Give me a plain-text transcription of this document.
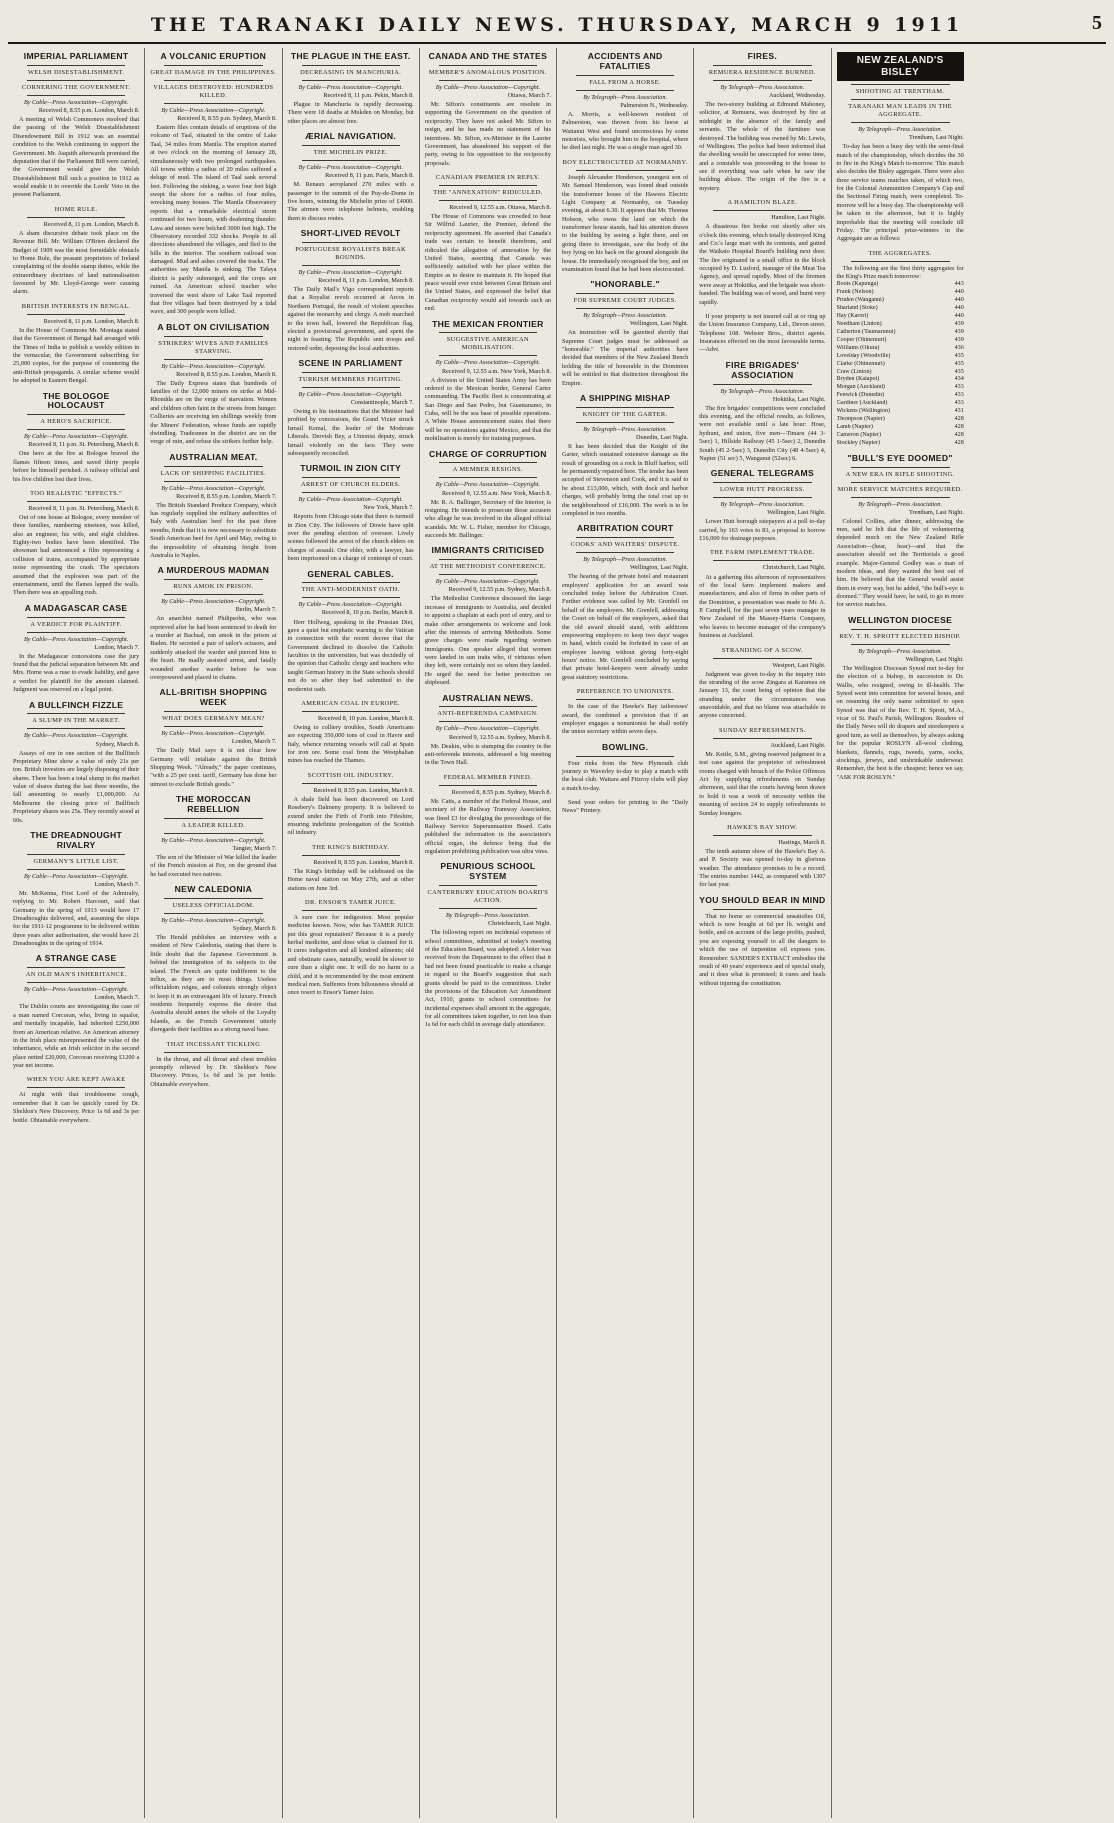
THE TARANAKI DAILY NEWS. THURSDAY, MARCH 9 1911	5
IMPERIAL PARLIAMENT
WELSH DISESTABLISHMENT.
CORNERING THE GOVERNMENT.
By Cable—Press Association—Copyright.
Received 8, 8.55 p.m. London, March 8.
A meeting of Welsh Commoners resolved that the passing of the Welsh Disestablishment Disendowment Bill in 1912 was an essential condition to the Welsh continuing to support the Government. Mr. Asquith afterwards promised the deputation that if the Parliament Bill were carried, the Government would give the Welsh Disestablishment Bill such a position in 1912 as would enable it to override the Lords' Veto in the present Parliament.
HOME RULE.
Received 8, 11 p.m. London, March 8.
A sham discursive debate took place on the Revenue Bill. Mr. William O'Brien declared the Budget of 1909 was the most formidable obstacle to Home Rule, the peasant proprietors of Ireland complaining of the double stamp duties, while the extraordinary doctrines of land nationalisation favoured by Mr. Lloyd-George were causing alarm.
BRITISH INTERESTS IN BENGAL.
Received 8, 11 p.m. London, March 8.
In the House of Commons Mr. Montagu stated that the Government of Bengal had arranged with the Times of India to publish a weekly edition in the vernacular, the Government subscribing for 25,000 copies, for the purpose of countering the anti-British propaganda. A similar scheme would be adopted in Eastern Bengal.
THE BOLOGOE HOLOCAUST
A HERO'S SACRIFICE.
By Cable—Press Association—Copyright.
Received 8, 11 p.m. St. Petersburg, March 8.
One hero at the fire at Bologoe braved the flames fifteen times, and saved thirty people before he himself perished. A railway official and his five children lost their lives.
TOO REALISTIC "EFFECTS."
Received 8, 11 p.m. St. Petersburg, March 8.
Out of one house at Bologoe, every member of three families, numbering nineteen, was killed, also an engineer, his wife, and eight children. Eighty-two bodies have been identified. The showman had announced a film representing a collision of trains, accompanied by appropriate noise representing the crash. The spectators assumed that the explosion was part of the entertainment, until the flames lapped the walls. Then there was an appalling rush.
A MADAGASCAR CASE
A VERDICT FOR PLAINTIFF.
By Cable—Press Association—Copyright.
London, March 7.
In the Madagascar concessions case the jury found that the judicial separation between Mr. and Mrs. Horne was a ruse to evade liability, and gave a verdict for plaintiff for the amount claimed. Judgment was reserved on a legal point.
A BULLFINCH FIZZLE
A SLUMP IN THE MARKET.
By Cable—Press Association—Copyright.
Sydney, March 8.
Assays of ore in one section of the Bullfinch Proprietary Mine show a value of only 21s per ton. British investors are largely disposing of their shares. There has been a total slump in the market value of shares during the last three months, the fall amounting to nearly £1,000,000. At Melbourne the closing price of Bullfinch Proprietary shares was 25s. They recently stood at 60s.
THE DREADNOUGHT RIVALRY
GERMANY'S LITTLE LIST.
By Cable—Press Association—Copyright.
London, March 7.
Mr. McKenna, First Lord of the Admiralty, replying to Mr. Robert Harcourt, said that Germany in the spring of 1913 would have 17 Dreadnoughts delivered, and, assuming the ships for the 1911-12 programme to be delivered within three years after authorisation, she would have 21 Dreadnoughts in the spring of 1914.
A STRANGE CASE
AN OLD MAN'S INHERITANCE.
By Cable—Press Association—Copyright.
London, March 7.
The Dublin courts are investigating the case of a man named Corcoran, who, living in squalor, and mentally incapable, had inherited £250,000 from an American relative. An American attorney in the Irish place misrepresented the value of the inheritance, while an Irish solicitor in the second place netted £20,000, Corcoran receiving £1200 a year net income.
WHEN YOU ARE KEPT AWAKE
At night with that troublesome cough, remember that it can be quickly cured by Dr. Sheldon's New Discovery. Price 1s 6d and 3s per bottle. Obtainable everywhere.
A VOLCANIC ERUPTION
GREAT DAMAGE IN THE PHILIPPINES.
VILLAGES DESTROYED: HUNDREDS KILLED.
By Cable—Press Association—Copyright.
Received 8, 8.55 p.m. Sydney, March 8.
Eastern files contain details of eruptions of the volcano of Taal, situated in the centre of Lake Taal, 34 miles from Manila. The eruption started at two o'clock on the morning of January 28, simultaneously with two prolonged earthquakes. All towns within a radius of 20 miles suffered a deluge of mud. The island of Taal sank several feet. Following the sinking, a wave four feet high swept the shore for a radius of four miles, wrecking many houses. The Manila Observatory reports that a remarkable electrical storm continued for two hours, with deafening thunder. Lava and stones were belched 3000 feet high. The Observatory recorded 332 shocks. People in all directions abandoned the villages, and fled to the hills in the interior. The southern railroad was damaged. Mud and ashes covered the tracks. The authorities say Manila is sinking. The Talaya district is partly submerged, and the crops are ruined. An American school teacher who traversed the west shore of Lake Taal reported that five villages had been destroyed by a tidal wave, and 300 people were killed.
A BLOT ON CIVILISATION
STRIKERS' WIVES AND FAMILIES STARVING.
By Cable—Press Association—Copyright.
Received 8, 8.55 p.m. London, March 8.
The Daily Express states that hundreds of families of the 12,000 miners on strike at Mid-Rhondda are on the verge of starvation. Women and children often faint in the streets from hunger. Collieries are receiving ten shillings weekly from the Miners' Federation, whose funds are rapidly dwindling. Tradesmen in the district are on the verge of ruin, and refuse the strikers further help.
AUSTRALIAN MEAT.
LACK OF SHIPPING FACILITIES.
By Cable—Press Association—Copyright.
Received 8, 8.55 p.m. London, March 7.
The British Standard Produce Company, which has regularly supplied the military authorities of Italy with Australian beef for the past three months, finds that it is now necessary to substitute South American beef for April and May, owing to the impossibility of obtaining freight from Australia to Naples.
A MURDEROUS MADMAN
RUNS AMOK IN PRISON.
By Cable—Press Association—Copyright.
Berlin, March 7.
An anarchist named Philipsohn, who was reprieved after he had been sentenced to death for a murder at Bachsal, ran amok in the prison at Baden. He secreted a pair of tailor's scissors, and suddenly attacked the warder and pierced him to the heart. He madly assisted arrest, and fatally wounded another warder before he was overpowered and placed in chains.
ALL-BRITISH SHOPPING WEEK
WHAT DOES GERMANY MEAN?
By Cable—Press Association—Copyright.
London, March 7.
The Daily Mail says it is not clear how Germany will retaliate against the British Shopping Week. "Already," the paper continues, "with a 25 per cent. tariff, Germany has done her utmost to exclude British goods."
THE MOROCCAN REBELLION
A LEADER KILLED.
By Cable—Press Association—Copyright.
Tangier, March 7.
The son of the Minister of War killed the leader of the French mission at Fez, on the ground that he had executed two natives.
NEW CALEDONIA
USELESS OFFICIALDOM.
By Cable—Press Association—Copyright.
Sydney, March 8.
The Herald publishes an interview with a resident of New Caledonia, stating that there is little doubt that the Japanese Government is behind the immigration of its subjects to the island. The French are quite indifferent to the influx, as they are to most things. Useless officialdom reigns, and colonists strongly object to keep it in an extravagant life of luxury. French residents frequently express the desire that Australia should annex the whole of the Loyalty Islands, as the French Government utterly disregards their facilities as a strong naval base.
THAT INCESSANT TICKLING
In the throat, and all throat and chest troubles promptly relieved by Dr. Sheldon's New Discovery. Prices, 1s 6d and 3s per bottle. Obtainable everywhere.
THE PLAGUE IN THE EAST.
DECREASING IN MANCHURIA.
By Cable—Press Association—Copyright.
Received 8, 11 p.m. Pekin, March 8.
Plague in Manchuria is rapidly decreasing. There were 18 deaths at Mukden on Monday, but other places are almost free.
ÆRIAL NAVIGATION.
THE MICHELIN PRIZE.
By Cable—Press Association—Copyright.
Received 8, 11 p.m. Paris, March 8.
M. Renaux aeroplaned 270 miles with a passenger to the summit of the Puy-de-Dome in five hours, winning the Michelin prize of £4000. The airmen were telephone helmets, enabling them to discuss routes.
SHORT-LIVED REVOLT
PORTUGUESE ROYALISTS BREAK BOUNDS.
By Cable—Press Association—Copyright.
Received 8, 11 p.m. London, March 8.
The Daily Mail's Vigo correspondent reports that a Royalist revolt occurred at Arcos in Northern Portugal, the result of violent speeches against the monarchy and clergy. A mob marched to the town hall, lowered the Republican flag, elected a provisional government, and spent the night in feasting. The Republic sent troops and restored order, deposing the local authorities.
SCENE IN PARLIAMENT
TURKISH MEMBERS FIGHTING.
By Cable—Press Association—Copyright.
Constantinople, March 7.
Owing to his insinuations that the Minister had profited by concessions, the Grand Vizier struck Ismail Kemal, the leader of the Moderate Liberals. Dervish Bey, a Unionist deputy, struck Ismail violently on the face. They were subsequently reconciled.
TURMOIL IN ZION CITY
ARREST OF CHURCH ELDERS.
By Cable—Press Association—Copyright.
New York, March 7.
Reports from Chicago state that there is turmoil in Zion City. The followers of Dowie have split over the pending election of overseer. Lively scenes followed the arrest of the church elders on charges of assault. One elder, with a lawyer, has been imprisoned on a charge of contempt of court.
GENERAL CABLES.
THE ANTI-MODERNIST OATH.
By Cable—Press Association—Copyright.
Received 8, 10 p.m. Berlin, March 8.
Herr Hollweg, speaking in the Prussian Diet, gave a quiet but emphatic warning to the Vatican in connection with the recent decree that the Government declined to dissolve the Catholic faculties in the universities, but was decidedly of the opinion that Catholic clergy and teachers who taught German history in the State schools should not do so after they had submitted to the modernist oath.
AMERICAN COAL IN EUROPE.
Received 8, 10 p.m. London, March 8.
Owing to colliery troubles, South Americans are expecting 350,000 tons of coal in Havre and Italy, whence returning vessels will call at Spain for iron ore. Some coal from the Westphalian mines has reached the Thames.
SCOTTISH OIL INDUSTRY.
Received 8, 8.55 p.m. London, March 8.
A shale field has been discovered on Lord Rosebery's Dalmeny property. It is believed to extend under the Firth of Forth into Fifeshire, ensuring indefinite prolongation of the Scottish oil industry.
THE KING'S BIRTHDAY.
Received 8, 8.55 p.m. London, March 8.
The King's birthday will be celebrated on the Home naval station on May 27th, and at other stations on June 3rd.
DR. ENSOR'S TAMER JUICE.
A sure cure for indigestion. Most popular medicine known. Now, who has TAMER JUICE put this great reputation? Because it is a purely herbal medicine, and does what is claimed for it. It cures indigestion and all kindred ailments; old and obstinate cases, naturally, would be slower to cure than a slight one. It will do no harm to a child, and it is recommended by the most eminent medical men. Sufferers from biliousness should at once resort to Ensor's Tamer Juice.
CANADA AND THE STATES
MEMBER'S ANOMALOUS POSITION.
By Cable—Press Association—Copyright.
Ottawa, March 7.
Mr. Sifton's constituents are resolute in supporting the Government on the question of reciprocity. They have not asked Mr. Sifton to resign, and he has made no statement of his intentions. Mr. Sifton, ex-Minister in the Laurier Government, has abandoned his support of the party, owing to his opposition to the reciprocity proposals.
CANADIAN PREMIER IN REPLY.
THE "ANNEXATION" RIDICULED.
Received 9, 12.55 a.m. Ottawa, March 8.
The House of Commons was crowded to hear Sir Wilfrid Laurier, the Premier, defend the reciprocity agreement. He asserted that Canada's trade was certain to benefit therefrom, and ridiculed the allegation of annexation by the United States, asserting that Canada was sufficiently satisfied with her place within the Empire as to desire to maintain it. He hoped that peace would ever exist between Great Britain and the United States, and expressed the belief that Canadian reciprocity would aid towards such an end.
THE MEXICAN FRONTIER
SUGGESTIVE AMERICAN MOBILISATION.
By Cable—Press Association—Copyright.
Received 9, 12.55 a.m. New York, March 8.
A division of the United States Army has been ordered to the Mexican border, General Carter commanding. The Pacific fleet is concentrating at San Diego and San Pedro, but Guantanamo, in Cuba, will be the sea base of possible operations. A White House announcement states that there will be no operations against Mexico, and that the mobilisation is merely for training purposes.
CHARGE OF CORRUPTION
A MEMBER RESIGNS.
By Cable—Press Association—Copyright.
Received 9, 12.55 a.m. New York, March 8.
Mr. R. A. Ballinger, Secretary of the Interior, is resigning. He intends to prosecute those accusers who allege he was involved in the alleged official scandals. Mr. W. L. Fisher, member for Chicago, succeeds Mr. Ballinger.
IMMIGRANTS CRITICISED
AT THE METHODIST CONFERENCE.
By Cable—Press Association—Copyright.
Received 9, 12.55 p.m. Sydney, March 8.
The Methodist Conference discussed the large increase of immigrants to Australia, and decided to appoint a chaplain at each port of entry, and to make other arrangements to welcome and look after the interests of arriving Methodists. Some grave charges were made regarding women immigrants. One speaker alleged that women were landed in sun traits who, if virtuous when they left, were certainly not so when they landed. He urged the need for better protection on shipboard.
AUSTRALIAN NEWS.
ANTI-REFERENDA CAMPAIGN.
By Cable—Press Association—Copyright.
Received 9, 12.55 a.m. Sydney, March 8.
Mr. Deakin, who is stumping the country in the anti-referenda interests, addressed a big meeting in the Town Hall.
FEDERAL MEMBER FINED.
Received 8, 8.55 p.m. Sydney, March 8.
Mr. Catts, a member of the Federal House, and secretary of the Railway Tramway Association, was fined £3 for divulging the proceedings of the Railway Service Superannuation Board. Catts published the information in the association's official organ, the defence being that the regulation prohibiting publication was ultra vires.
PENURIOUS SCHOOL SYSTEM
CANTERBURY EDUCATION BOARD'S ACTION.
By Telegraph—Press Association.
Christchurch, Last Night.
The following report on incidental expenses of school committees, submitted at today's meeting of the Education Board, was adopted: A letter was received from the Department to the effect that it had not been found practicable to make a change in regard to the Board's suggestion that such grants should be paid to the committees. Under the provisions of the Education Act Amendment Act, 1910, grants to school committees for incidental expenses shall amount in the aggregate, for all committees taken together, to not less than 1s 6d for each child in average daily attendance.
ACCIDENTS AND FATALITIES
FALL FROM A HORSE.
By Telegraph—Press Association.
Palmerston N., Wednesday.
A. Morris, a well-known resident of Palmerston, was thrown from his horse at Waitanui West and found unconscious by some motorists, who brought him to the hospital, where he died last night. He was a single man aged 30.
BOY ELECTROCUTED AT NORMANBY.
Joseph Alexander Henderson, youngest son of Mr. Samuel Henderson, was found dead outside the transformer house of the Hawera Electric Light Company at Normanby, on Tuesday evening, at about 6.30. It appears that Mr. Thomas Hobson, who owns the land on which the transformer house stands, had his attention drawn to the building by seeing a light there, and on going there to investigate, saw the body of the boy lying on his back on the ground alongside the house. He immediately recognised the boy, and on examination found that he had been electrocuted.
"HONORABLE."
FOR SUPREME COURT JUDGES.
By Telegraph—Press Association.
Wellington, Last Night.
An instruction will be gazetted shortly that Supreme Court judges must be addressed as "honorable." The imperial authorities have decided that members of the New Zealand Bench holding the title of honorable in the Dominion will be entitled to that distinction throughout the Empire.
A SHIPPING MISHAP
KNIGHT OF THE GARTER.
By Telegraph—Press Association.
Dunedin, Last Night.
It has been decided that the Knight of the Garter, which sustained extensive damage as the result of grounding on a rock in Bluff harbor, will be permanently repaired here. The tender has been accepted of Stevenson and Cook, and it is said to be about £13,000, which, with dock and harbor charges, will probably bring the total cost up to the neighbourhood of £16,000. The work is to be completed in two months.
ARBITRATION COURT
COOKS' AND WAITERS' DISPUTE.
By Telegraph—Press Association.
Wellington, Last Night.
The hearing of the private hotel and restaurant employers' application for an award was concluded today before the Arbitration Court. Further evidence was called by Mr. Grenfell on behalf of the employers. Mr. Grenfell, addressing the Court on behalf of the employers, asked that the old award should stand, with additions empowering employers to keep two days' wages in hand, which could be forfeited in case of an employee leaving without giving forty-eight hours' notice. Mr. Grenfell concluded by saying that private hotel-keepers were already under great statutory restrictions.
PREFERENCE TO UNIONISTS.
In the case of the Hawke's Bay tailoresses' award, the combined a provision that if an employer engages a nonunionist he shall notify the union secretary within seven days.
BOWLING.
Four rinks from the New Plymouth club journey to Waverley to-day to play a match with the local club. Waitara and Fitzroy clubs will play a match to-day.
Send your orders for printing to the "Daily News" Printery.
FIRES.
REMUERA RESIDENCE BURNED.
By Telegraph—Press Association.
Auckland, Wednesday.
The two-storey building at Edmund Mahoney, solicitor, at Remuera, was destroyed by fire at midnight in the absence of the family and servants. The whole of the furniture was destroyed. The building was owned by Mr. Lewis, of Wellington. The police had been informed that the dwelling would be unoccupied for some time, and a constable was proceeding to the house to see if everything was safe when he saw the building ablaze. The origin of the fire is a mystery.
A HAMILTON BLAZE.
Hamilton, Last Night.
A disastrous fire broke out shortly after six o'clock this evening, which totally destroyed King and Co.'s large mart with its contents, and gutted the Waikato Hospital Board's building next door. The fire originated in a small office in the block occupied by D. Lusford, manager of the Meat Tea Agency, and spread rapidly. Most of the firemen were away at Hokitika, and the brigade was short-handed. The building was of wood, and burnt very rapidly.
If your property is not insured call at or ring up the Union Insurance Company, Ltd., Devon street. Telephone 108. Webster Bros., district agents. Insurances effected on the most favourable terms.—Advt.
FIRE BRIGADES' ASSOCIATION
By Telegraph—Press Association.
Hokitika, Last Night.
The fire brigades' competitions were concluded this evening, and the official results, as follows, were not available until a late hour: Hose, hydrant, and union, five men—Timaru (44 3-5sec) 1, Hillside Railway (45 1-5sec) 2, Dunedin South (45 2-5sec) 3, Dunedin City (48 4-5sec) 4, Napier (51 sec) 5, Wanganui (52sec) 6.
GENERAL TELEGRAMS
LOWER HUTT PROGRESS.
By Telegraph—Press Association.
Wellington, Last Night.
Lower Hutt borough ratepayers at a poll to-day carried, by 163 votes to 83, a proposal to borrow £16,000 for drainage purposes.
THE FARM IMPLEMENT TRADE.
Christchurch, Last Night.
At a gathering this afternoon of representatives of the local farm implement makers and manufacturers, and also of firms in other parts of the Dominion, a presentation was made to Mr. A. P. Campbell, for the past seven years manager in New Zealand of the Massey-Harris Company, who leaves to become manager of the company's business at Auckland.
STRANDING OF A SCOW.
Westport, Last Night.
Judgment was given to-day in the inquiry into the stranding of the scow Zingara at Karamea on January 13, the court being of opinion that the stranding under the circumstances was unavoidable, and that no blame was attachable to anyone concerned.
SUNDAY REFRESHMENTS.
Auckland, Last Night.
Mr. Kettle, S.M., giving reserved judgment in a test case against the proprietor of refreshment rooms charged with breach of the Police Offences Act by supplying refreshments on Sunday afternoon, said that the courts having been drawn to hold it was a work of necessity within the meaning of section 24 to supply refreshments to Sunday loungers.
HAWKE'S BAY SHOW.
Hastings, March 8.
The tenth autumn show of the Hawke's Bay A. and P. Society was opened to-day in glorious weather. The attendance promises to be a record. The entries number 1442, as compared with 1307 for last year.
YOU SHOULD BEAR IN MIND
That no home so commercial unsatisfies Oil, which is now bought at 6d per lb. weight and bottle, and on account of the large profits, pushed, you are exposing yourself to all the dangers to which the use of turpentine oil exposes you. Remember: SANDER'S EXTRACT embodies the result of 40 years' experience and of special study, and it does what is promised; it cures and heals without injuring the constitution.
NEW ZEALAND'S BISLEY
SHOOTING AT TRENTHAM.
TARANAKI MAN LEADS IN THE AGGREGATE.
By Telegraph—Press Association.
Trentham, Last Night.
To-day has been a busy day with the semi-final match of the championship, which decides the 30 to fire in the King's Match to-morrow. This match also decides the Bisley aggregate. There were also three service teams matches taken, of which two, for the Colonial Ammunition Company's Cup and the Sectional Firing match, were completed. To-morrow will be a busy day. The championship will be taken in the afternoon, but it is highly improbable that the meeting will conclude till Friday. The principal prize-winners in the Aggregate are as follows:
THE AGGREGATES.
The following are the first thirty aggregates for the King's Prize match tomorrow:
Boots (Kapunga)	443
Frank (Nelson)	440
Pruden (Wanganui)	440
Sharland (Stoke)	440
Hay (Karori)	440
Needham (Linton)	439
Catherton (Taumarunui)	439
Cooper (Ohinemuri)	439
Williams (Okura)	436
Lovelday (Woodville)	435
Clarke (Ohinemuri)	435
Craw (Linton)	435
Bryden (Kaiapoi)	434
Morgan (Auckland)	433
Fenwick (Dunedin)	433
Gardiner (Auckland)	433
Wickens (Wellington)	431
Thompson (Napier)	428
Lamb (Napier)	428
Cameron (Napier)	428
Stockley (Napier)	428
"BULL'S EYE DOOMED"
A NEW ERA IN RIFLE SHOOTING.
MORE SERVICE MATCHES REQUIRED.
By Telegraph—Press Association.
Trentham, Last Night.
Colonel Collins, after dinner, addressing the men, said he felt that the life of volunteering depended much on the New Zealand Rifle Association—(hear, hear)—and that the association should set the Territorials a good example. Major-General Godley was a man of modern ideas, and they wanted the best out of him. He believed that the General would assist them in every way, but he added, "the bull's-eye is doomed." They would have, he said, to go in more for service matches.
WELLINGTON DIOCESE
REV. T. H. SPROTT ELECTED BISHOP.
By Telegraph—Press Association.
Wellington, Last Night.
The Wellington Diocesan Synod met to-day for the election of a bishop, in succession to Dr. Wallis, who resigned, owing to ill-health. The Synod went into committee for several hours, and on resuming the only name submitted to open Synod was that of the Rev. T. H. Sprott, M.A., vicar of St. Paul's Parish, Wellington. Readers of the Daily News will do drapers and storekeepers a good turn, as well as themselves, by always asking for the popular ROSLYN all-wool clothing, blankets, flannels, rugs, tweeds, yarns, socks, stockings, jerseys, and unshrinkable underwear. Remember, the best is the cheapest; hence we say, "ASK FOR ROSLYN."
